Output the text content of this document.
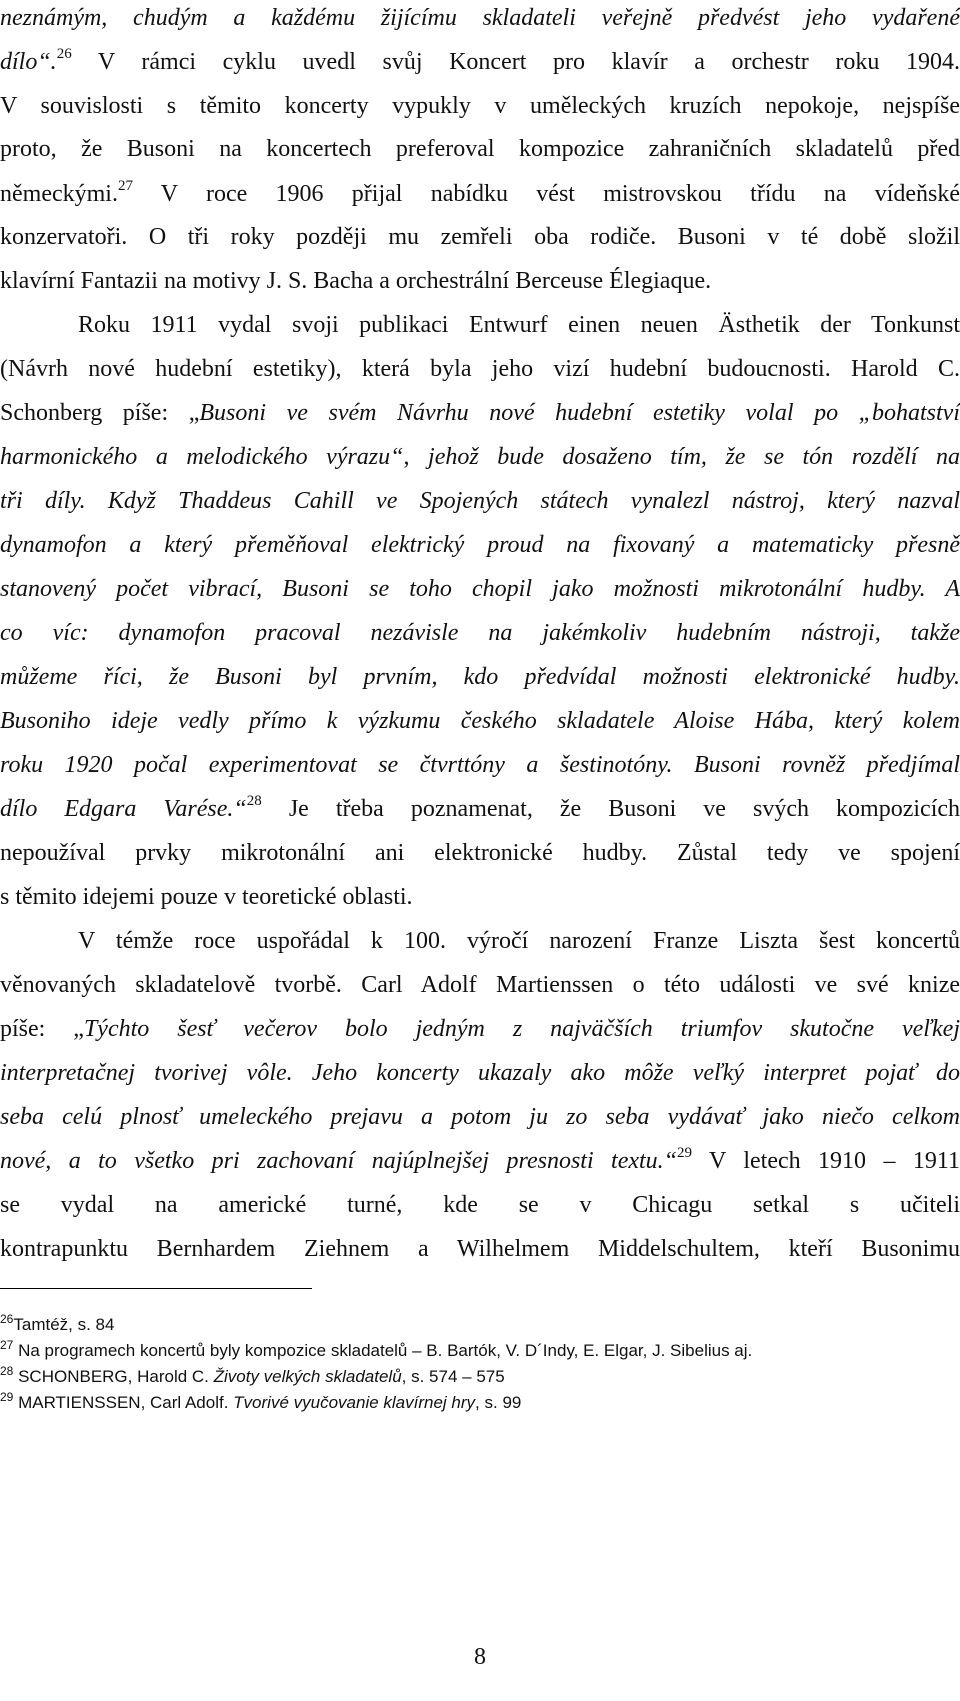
neznámým, chudým a každému žijícímu skladateli veřejně předvést jeho vydařené
dílo“.$^{26}$ V rámci cyklu uvedl svůj Koncert pro klavír a orchestr roku 1904.
V souvislosti s těmito koncerty vypukly v uměleckých kruzích nepokoje, nejspíše
proto, že Busoni na koncertech preferoval kompozice zahraničních skladatelů před
německými.$^{27}$ V roce 1906 přijal nabídku vést mistrovskou třídu na vídeňské
konzervatoři. O tři roky později mu zemřeli oba rodiče. Busoni v té době složil
klavírní Fantazii na motivy J. S. Bacha a orchestrální Berceuse Élegiaque.
Roku 1911 vydal svoji publikaci Entwurf einen neuen Ästhetik der Tonkunst
(Návrh nové hudební estetiky), která byla jeho vizí hudební budoucnosti. Harold C.
Schonberg píše: „Busoni ve svém Návrhu nové hudební estetiky volal po „bohatství
harmonického a melodického výrazu“, jehož bude dosaženo tím, že se tón rozdělí na
tři díly. Když Thaddeus Cahill ve Spojených státech vynalezl nástroj, který nazval
dynamofon a který přeměňoval elektrický proud na fixovaný a matematicky přesně
stanovený počet vibrací, Busoni se toho chopil jako možnosti mikrotonální hudby. A
co víc: dynamofon pracoval nezávisle na jakémkoliv hudebním nástroji, takže
můžeme říci, že Busoni byl prvním, kdo předvídal možnosti elektronické hudby.
Busoniho ideje vedly přímo k výzkumu českého skladatele Aloise Hába, který kolem
roku 1920 počal experimentovat se čtvrttóny a šestinotóny. Busoni rovněž předjímal
dílo Edgara Varése.“$^{28}$ Je třeba poznamenat, že Busoni ve svých kompozicích
nepoužíval prvky mikrotonální ani elektronické hudby. Zůstal tedy ve spojení
s těmito idejemi pouze v teoretické oblasti.
V témže roce uspořádal k 100. výročí narození Franze Liszta šest koncertů
věnovaných skladatelově tvorbě. Carl Adolf Martienssen o této události ve své knize
píše: „Týchto šesť večerov bolo jedným z najväčších triumfov skutočne veľkej
interpretačnej tvorivej vôle. Jeho koncerty ukazaly ako môže veľký interpret pojať do
seba celú plnosť umeleckého prejavu a potom ju zo seba vydávať jako niečo celkom
nové, a to všetko pri zachovaní najúplnejšej presnosti textu.“$^{29}$ V letech 1910 – 1911
se vydal na americké turné, kde se v Chicagu setkal s učiteli
kontrapunktu Bernhardem Ziehnem a Wilhelmem Middelschultem, kteří Busonimu
$^{26}$Tamtéž, s. 84
$^{27}$ Na programech koncertů byly kompozice skladatelů – B. Bartók, V. D´Indy, E. Elgar, J. Sibelius aj.
$^{28}$ SCHONBERG, Harold C. Životy velkých skladatelů, s. 574 – 575
$^{29}$ MARTIENSSEN, Carl Adolf. Tvorivé vyučovanie klavírnej hry, s. 99
8
